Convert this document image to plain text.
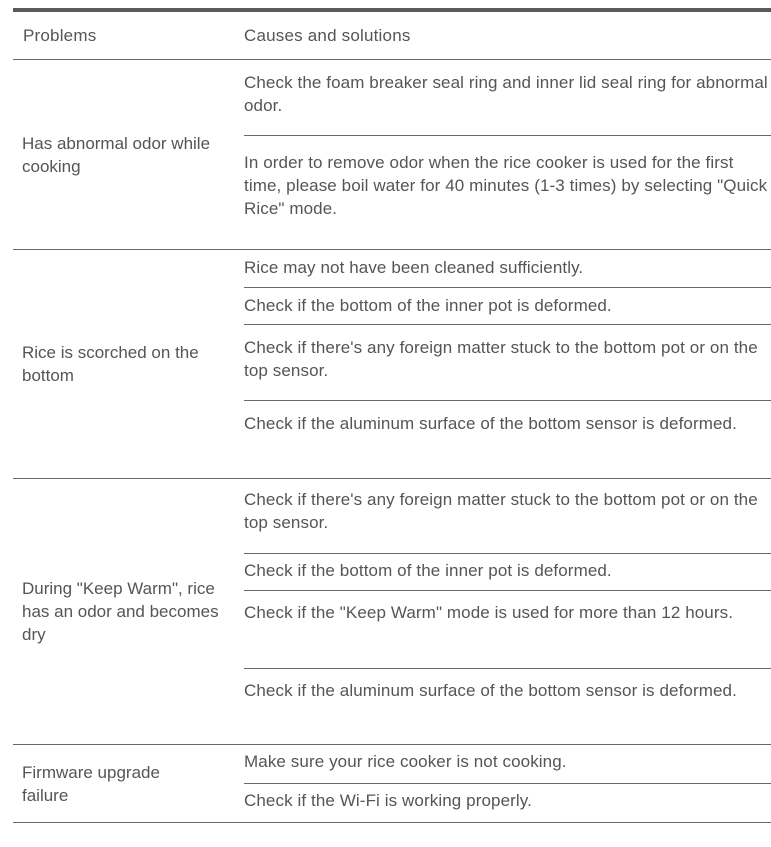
Problems	Causes and solutions
Has abnormal odor while cooking
Check the foam breaker seal ring and inner lid seal ring for abnormal odor.
In order to remove odor when the rice cooker is used for the first time, please boil water for 40 minutes (1-3 times) by selecting "Quick Rice" mode.
Rice is scorched on the bottom
Rice may not have been cleaned sufficiently.
Check if the bottom of the inner pot is deformed.
Check if there's any foreign matter stuck to the bottom pot or on the top sensor.
Check if the aluminum surface of the bottom sensor is deformed.
During "Keep Warm", rice has an odor and becomes dry
Check if there's any foreign matter stuck to the bottom pot or on the top sensor.
Check if the bottom of the inner pot is deformed.
Check if the "Keep Warm" mode is used for more than 12 hours.
Check if the aluminum surface of the bottom sensor is deformed.
Firmware upgrade failure
Make sure your rice cooker is not cooking.
Check if the Wi-Fi is working properly.
